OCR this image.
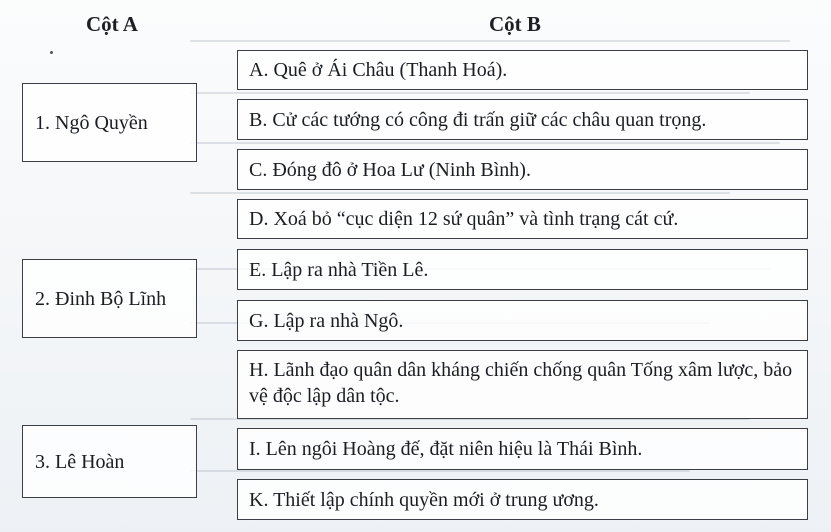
Cột A	Cột B
1. Ngô Quyền
2. Đinh Bộ Lĩnh
3. Lê Hoàn
A. Quê ở Ái Châu (Thanh Hoá).
B. Cử các tướng có công đi trấn giữ các châu quan trọng.
C. Đóng đô ở Hoa Lư (Ninh Bình).
D. Xoá bỏ “cục diện 12 sứ quân” và tình trạng cát cứ.
E. Lập ra nhà Tiền Lê.
G. Lập ra nhà Ngô.
H. Lãnh đạo quân dân kháng chiến chống quân Tống xâm lược, bảo vệ độc lập dân tộc.
I. Lên ngôi Hoàng đế, đặt niên hiệu là Thái Bình.
K. Thiết lập chính quyền mới ở trung ương.
